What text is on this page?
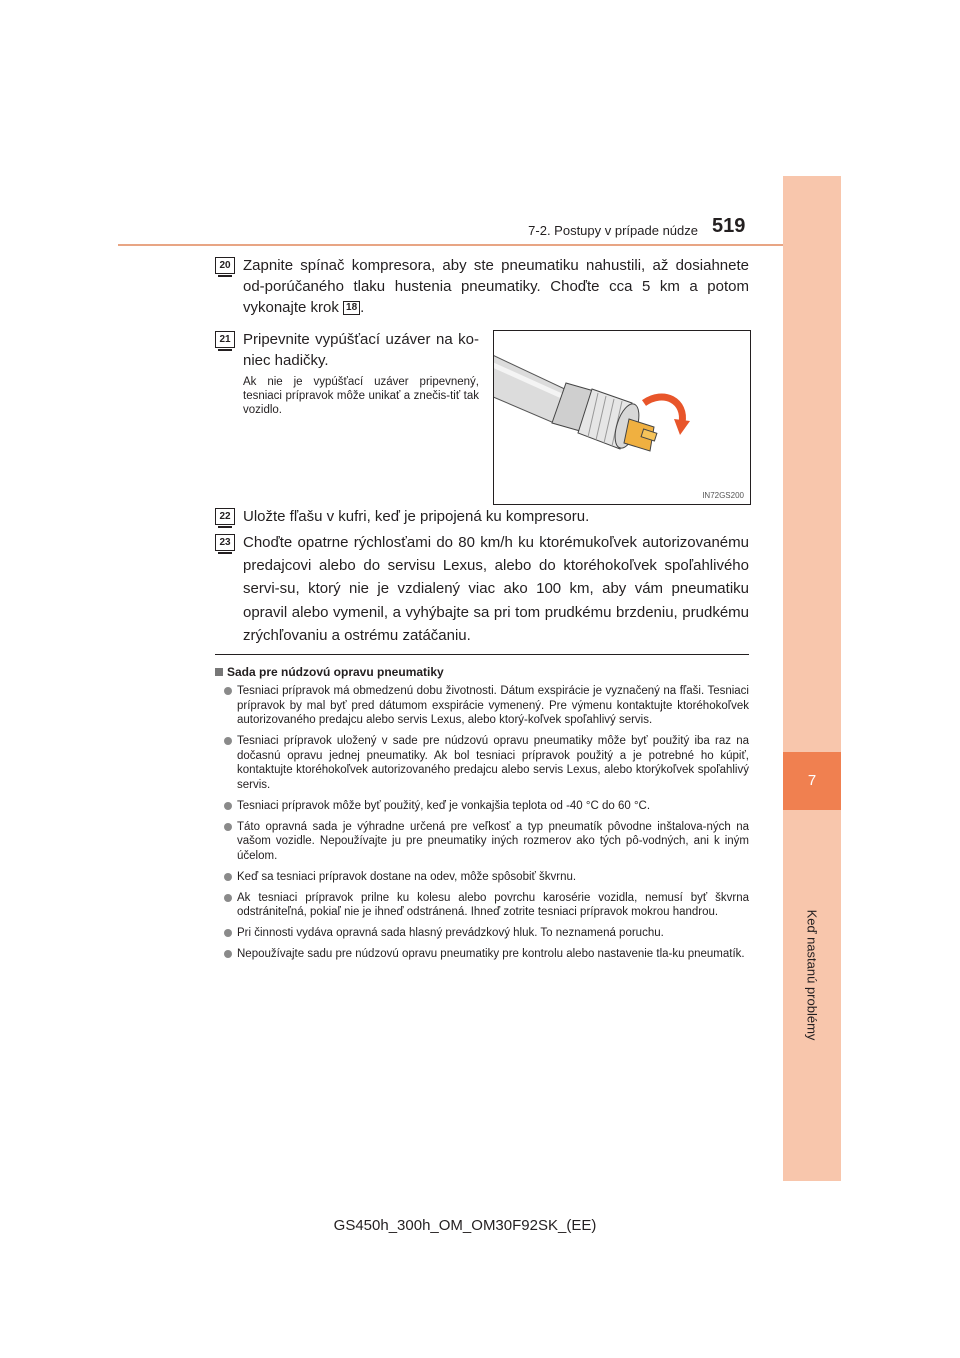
7
Keď nastanú problémy
7-2. Postupy v prípade núdze 519
20 Zapnite spínač kompresora, aby ste pneumatiku nahustili, až dosiahnete od-porúčaného tlaku hustenia pneumatiky. Choďte cca 5 km a potom vykonajte krok 18 .
21 Pripevnite vypúšťací uzáver na ko-niec hadičky.
Ak nie je vypúšťací uzáver pripevnený, tesniaci prípravok môže unikať a znečis-tiť tak vozidlo.
IN72GS200
22 Uložte fľašu v kufri, keď je pripojená ku kompresoru.
23 Choďte opatrne rýchlosťami do 80 km/h ku ktorémukoľvek autorizovanému predajcovi alebo do servisu Lexus, alebo do ktoréhokoľvek spoľahlivého servi-su, ktorý nie je vzdialený viac ako 100 km, aby vám pneumatiku opravil alebo vymenil, a vyhýbajte sa pri tom prudkému brzdeniu, prudkému zrýchľovaniu a ostrému zatáčaniu.
Sada pre núdzovú opravu pneumatiky
Tesniaci prípravok má obmedzenú dobu životnosti. Dátum exspirácie je vyznačený na fľaši. Tesniaci prípravok by mal byť pred dátumom exspirácie vymenený. Pre výmenu kontaktujte ktoréhokoľvek autorizovaného predajcu alebo servis Lexus, alebo ktorý-koľvek spoľahlivý servis.
Tesniaci prípravok uložený v sade pre núdzovú opravu pneumatiky môže byť použitý iba raz na dočasnú opravu jednej pneumatiky. Ak bol tesniaci prípravok použitý a je potrebné ho kúpiť, kontaktujte ktoréhokoľvek autorizovaného predajcu alebo servis Lexus, alebo ktorýkoľvek spoľahlivý servis.
Tesniaci prípravok môže byť použitý, keď je vonkajšia teplota od -40 °C do 60 °C.
Táto opravná sada je výhradne určená pre veľkosť a typ pneumatík pôvodne inštalova-ných na vašom vozidle. Nepoužívajte ju pre pneumatiky iných rozmerov ako tých pô-vodných, ani k iným účelom.
Keď sa tesniaci prípravok dostane na odev, môže spôsobiť škvrnu.
Ak tesniaci prípravok prilne ku kolesu alebo povrchu karosérie vozidla, nemusí byť škvrna odstrániteľná, pokiaľ nie je ihneď odstránená. Ihneď zotrite tesniaci prípravok mokrou handrou.
Pri činnosti vydáva opravná sada hlasný prevádzkový hluk. To neznamená poruchu.
Nepoužívajte sadu pre núdzovú opravu pneumatiky pre kontrolu alebo nastavenie tla-ku pneumatík.
GS450h_300h_OM_OM30F92SK_(EE)
